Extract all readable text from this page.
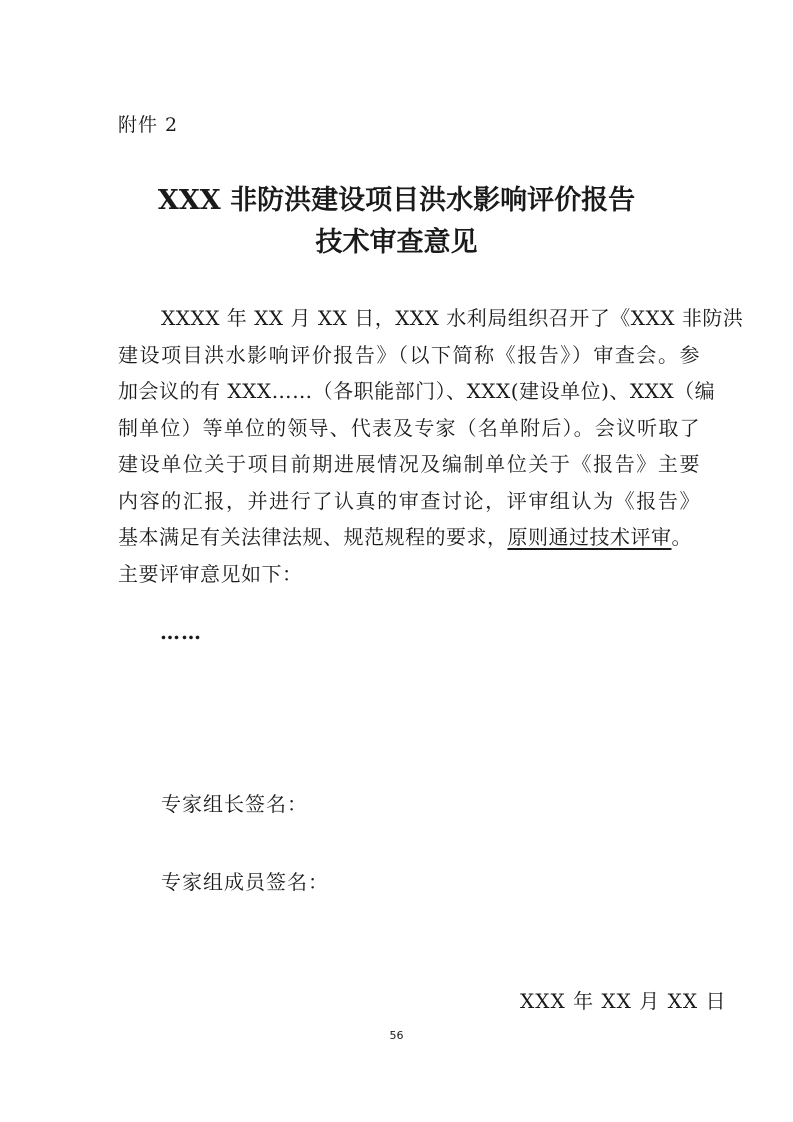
附件 2
XXX 非防洪建设项目洪水影响评价报告
技术审查意见
XXXX 年 XX 月 XX 日，XXX 水利局组织召开了《XXX 非防洪
建设项目洪水影响评价报告》（以下简称《报告》）审查会。参
加会议的有 XXX……（各职能部门）、XXX(建设单位)、XXX（编
制单位）等单位的领导、代表及专家（名单附后）。会议听取了
建设单位关于项目前期进展情况及编制单位关于《报告》主要
内容的汇报，并进行了认真的审查讨论，评审组认为《报告》
基本满足有关法律法规、规范规程的要求，原则通过技术评审。
主要评审意见如下：
……
专家组长签名：
专家组成员签名：
XXX 年 XX 月 XX 日
56
